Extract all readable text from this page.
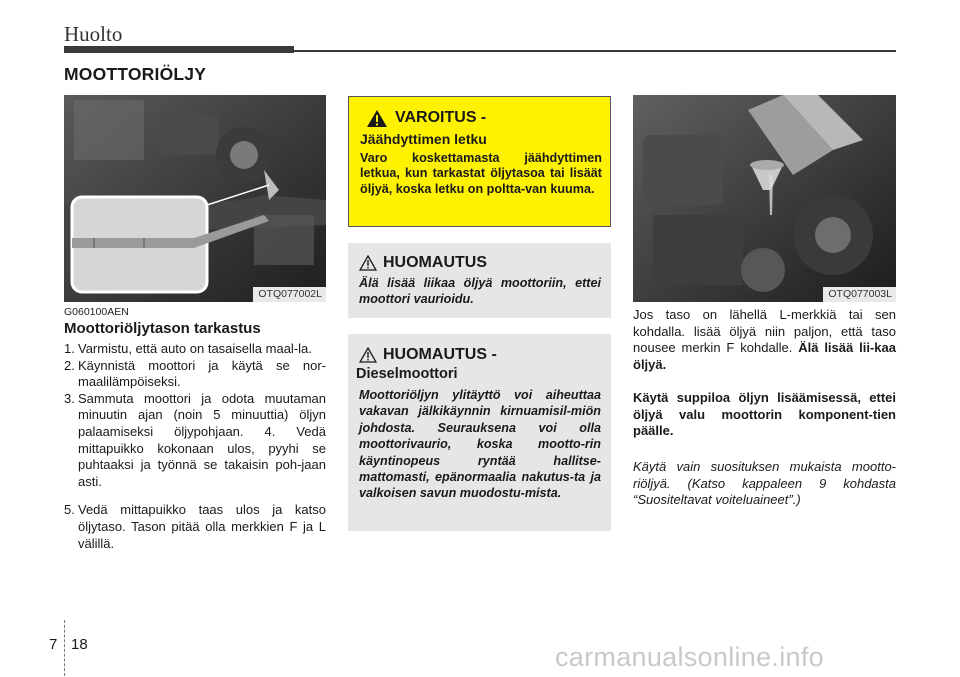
Huolto
MOOTTORIÖLJY
OTQ077002L
G060100AEN
Moottoriöljytason tarkastus
1. Varmistu, että auto on tasaisella maal-la.
2. Käynnistä moottori ja käytä se nor-maalilämpöiseksi.
3. Sammuta moottori ja odota muutaman minuutin ajan (noin 5 minuuttia) öljyn palaamiseksi öljypohjaan. 4. Vedä mittapuikko kokonaan ulos, pyyhi se puhtaaksi ja työnnä se takaisin poh-jaan asti.
5. Vedä mittapuikko taas ulos ja katso öljytaso. Tason pitää olla merkkien F ja L välillä.
VAROITUS -
Jäähdyttimen letku
Varo koskettamasta jäähdyttimen letkua, kun tarkastat öljytasoa tai lisäät öljyä, koska letku on poltta-van kuuma.
HUOMAUTUS
Älä lisää liikaa öljyä moottoriin, ettei moottori vaurioidu.
HUOMAUTUS -
Dieselmoottori
Moottoriöljyn ylitäyttö voi aiheuttaa vakavan jälkikäynnin kirnuamisil-miön johdosta. Seurauksena voi olla moottorivaurio, koska mootto-rin käyntinopeus ryntää hallitse-mattomasti, epänormaalia nakutus-ta ja valkoisen savun muodostu-mista.
OTQ077003L
Jos taso on lähellä L-merkkiä tai sen kohdalla. lisää öljyä niin paljon, että taso nousee merkin F kohdalle. Älä lisää lii-kaa öljyä.
Käytä suppiloa öljyn lisäämisessä, ettei öljyä valu moottorin komponent-tien päälle.
Käytä vain suosituksen mukaista mootto-riöljyä. (Katso kappaleen 9 kohdasta “Suositeltavat voiteluaineet”.)
7 18	carmanualsonline.info
